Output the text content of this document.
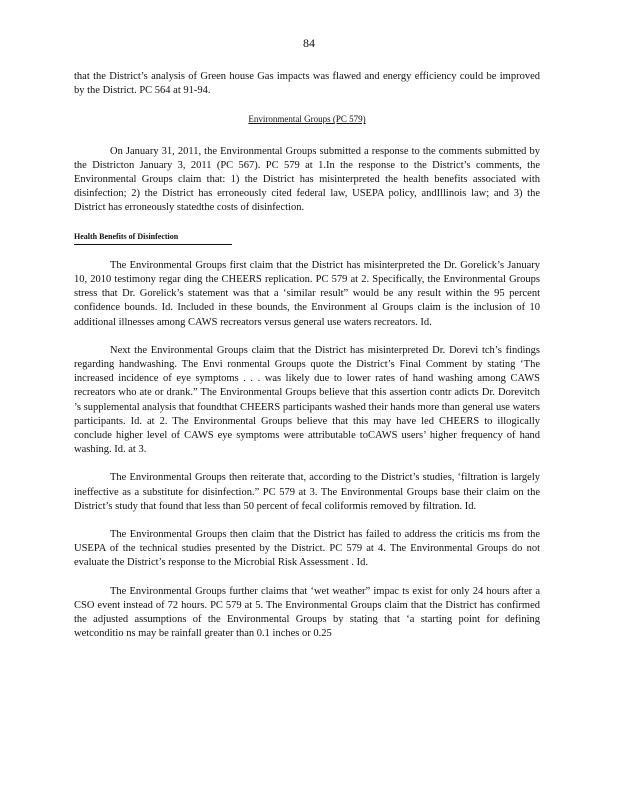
84

that the District’s analysis of Green house Gas impacts was flawed and energy efficiency could be improved by the District. PC 564 at 91-94.

Environmental Groups (PC 579)

On January 31, 2011, the Environmental Groups submitted a response to the comments submitted by the Districton January 3, 2011 (PC 567). PC 579 at 1.In the response to the District’s comments, the Environmental Groups claim that: 1) the District has misinterpreted the health benefits associated with disinfection; 2) the District has erroneously cited federal law, USEPA policy, andIllinois law; and 3) the District has erroneously statedthe costs of disinfection.

Health Benefits of Disinfection

The Environmental Groups first claim that the District has misinterpreted the Dr. Gorelick’s January 10, 2010 testimony regar ding the CHEERS replication. PC 579 at 2. Specifically, the Environmental Groups stress that Dr. Gorelick’s statement was that a ‘similar result” would be any result within the 95 percent confidence bounds. Id. Included in these bounds, the Environment al Groups claim is the inclusion of 10 additional illnesses among CAWS recreators versus general use waters recreators. Id.

Next the Environmental Groups claim that the District has misinterpreted Dr. Dorevi tch’s findings regarding handwashing. The Envi ronmental Groups quote the District’s Final Comment by stating ‘The increased incidence of eye symptoms . . . was likely due to lower rates of hand washing among CAWS recreators who ate or drank.” The Environmental Groups believe that this assertion contr adicts Dr. Dorevitch ’s supplemental analysis that foundthat CHEERS participants washed their hands more than general use waters participants. Id. at 2. The Environmental Groups believe that this may have led CHEERS to illogically conclude higher level of CAWS eye symptoms were attributable toCAWS users’ higher frequency of hand washing. Id. at 3.

The Environmental Groups then reiterate that, according to the District’s studies, ‘filtration is largely ineffective as a substitute for disinfection.” PC 579 at 3. The Environmental Groups base their claim on the District’s study that found that less than 50 percent of fecal coliformis removed by filtration. Id.

The Environmental Groups then claim that the District has failed to address the criticis ms from the USEPA of the technical studies presented by the District. PC 579 at 4. The Environmental Groups do not evaluate the District’s response to the Microbial Risk Assessment . Id.

The Environmental Groups further claims that ‘wet weather” impac ts exist for only 24 hours after a CSO event instead of 72 hours. PC 579 at 5. The Environmental Groups claim that the District has confirmed the adjusted assumptions of the Environmental Groups by stating that ‘a starting point for defining wetconditio ns may be rainfall greater than 0.1 inches or 0.25
